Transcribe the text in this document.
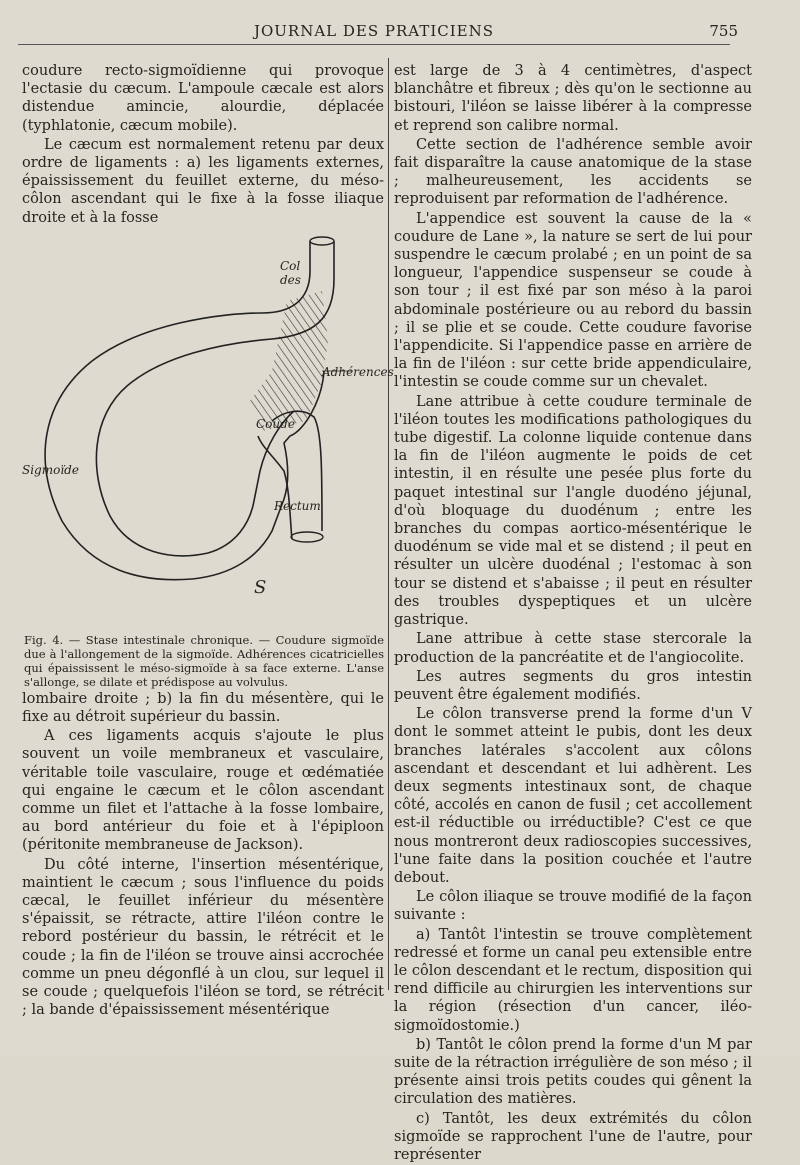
JOURNAL DES PRATICIENS	755

coudure recto-sigmoïdienne qui provoque l'ectasie du cæcum. L'ampoule cæcale est alors distendue amincie, alourdie, déplacée (typhlatonie, cæcum mobile).

Le cæcum est normalement retenu par deux ordre de ligaments : a) les ligaments externes, épaississement du feuillet externe, du méso-côlon ascendant qui le fixe à la fosse iliaque droite et à la fosse

Col des
Adhérences
Coude
Sigmoïde
Rectum
S

Fig. 4. — Stase intestinale chronique. — Coudure sigmoïde due à l'allongement de la sigmoïde. Adhérences cicatricielles qui épaississent le méso-sigmoïde à sa face externe. L'anse s'allonge, se dilate et prédispose au volvulus.

lombaire droite ; b) la fin du mésentère, qui le fixe au détroit supérieur du bassin.

A ces ligaments acquis s'ajoute le plus souvent un voile membraneux et vasculaire, véritable toile vasculaire, rouge et œdématiée qui engaine le cæcum et le côlon ascendant comme un filet et l'attache à la fosse lombaire, au bord antérieur du foie et à l'épiploon (péritonite membraneuse de Jackson).

Du côté interne, l'insertion mésentérique, maintient le cæcum ; sous l'influence du poids cæcal, le feuillet inférieur du mésentère s'épaissit, se rétracte, attire l'iléon contre le rebord postérieur du bassin, le rétrécit et le coude ; la fin de l'iléon se trouve ainsi accrochée comme un pneu dégonflé à un clou, sur lequel il se coude ; quelquefois l'iléon se tord, se rétrécit ; la bande d'épaississement mésentérique

est large de 3 à 4 centimètres, d'aspect blanchâtre et fibreux ; dès qu'on le sectionne au bistouri, l'iléon se laisse libérer à la compresse et reprend son calibre normal.

Cette section de l'adhérence semble avoir fait disparaître la cause anatomique de la stase ; malheureusement, les accidents se reproduisent par reformation de l'adhérence.

L'appendice est souvent la cause de la « coudure de Lane », la nature se sert de lui pour suspendre le cæcum prolabé ; en un point de sa longueur, l'appendice suspenseur se coude à son tour ; il est fixé par son méso à la paroi abdominale postérieure ou au rebord du bassin ; il se plie et se coude. Cette coudure favorise l'appendicite. Si l'appendice passe en arrière de la fin de l'iléon : sur cette bride appendiculaire, l'intestin se coude comme sur un chevalet.

Lane attribue à cette coudure terminale de l'iléon toutes les modifications pathologiques du tube digestif. La colonne liquide contenue dans la fin de l'iléon augmente le poids de cet intestin, il en résulte une pesée plus forte du paquet intestinal sur l'angle duodéno jéjunal, d'où bloquage du duodénum ; entre les branches du compas aortico-mésentérique le duodénum se vide mal et se distend ; il peut en résulter un ulcère duodénal ; l'estomac à son tour se distend et s'abaisse ; il peut en résulter des troubles dyspeptiques et un ulcère gastrique.

Lane attribue à cette stase stercorale la production de la pancréatite et de l'angiocolite.

Les autres segments du gros intestin peuvent être également modifiés.

Le côlon transverse prend la forme d'un V dont le sommet atteint le pubis, dont les deux branches latérales s'accolent aux côlons ascendant et descendant et lui adhèrent. Les deux segments intestinaux sont, de chaque côté, accolés en canon de fusil ; cet accollement est-il réductible ou irréductible? C'est ce que nous montreront deux radioscopies successives, l'une faite dans la position couchée et l'autre debout.

Le côlon iliaque se trouve modifié de la façon suivante :

a) Tantôt l'intestin se trouve complètement redressé et forme un canal peu extensible entre le côlon descendant et le rectum, disposition qui rend difficile au chirurgien les interventions sur la région (résection d'un cancer, iléo-sigmoïdostomie.)

b) Tantôt le côlon prend la forme d'un M par suite de la rétraction irrégulière de son méso ; il présente ainsi trois petits coudes qui gênent la circulation des matières.

c) Tantôt, les deux extrémités du côlon sigmoïde se rapprochent l'une de l'autre, pour représenter
